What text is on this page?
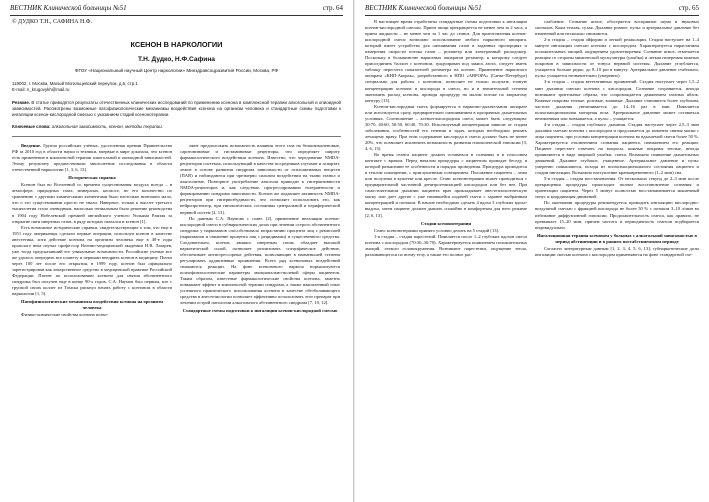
ВЕСТНИК Клинической больницы №51	стр. 64
© ДУДКО Т.Н., САФИНА Н.Ф.
КСЕНОН В НАРКОЛОГИИ
Т.Н. Дудко, Н.Ф.Сафина
ФГОУ «Национальный научный Центр наркологии» Минздравсоцразвития России, Москва, РФ
119002, г. Москва, Малый Могильцевский переулок, д.6, стр.1
E-mail: n_krugovykh@mail.ru
Резюме. В статье приводятся результаты отечественных клинических исследований по применению ксенона в комплексной терапии алкогольной и опиоидной зависимостей. Рассмотрены возможные патофизиологические механизмы воздействия ксенона на организм человека и стандартные схемы подготовки к ингаляции ксенон-кислородной смесью с указанием стадий ксенонотерапии.
Ключевые слова: алкогольная зависимость, ксенон, методы терапии.

Введение. Группа российских учёных, удостоенная премии Правительства РФ за 2010 год в области науки и техники, впервые в мире доказала, что ксенон есть применение в комплексной терапии алкогольной и опиоидной зависимостей. Этому результату предшествовали многолетние исследования в области отечественной наркологии [1, 3, 6, 13].

Историческая справка

Ксенон был во Вселенной со времени существования воздуха всегда – в атмосфере, природных газах, минералах, космосе, но его количество по сравнению с другими химическими элементами было настолько ничтожно мало, что о его существовании просто не знали. Наверное, только к высоте третьего тысячелетия стало очевидным, насколько гениальным было решение руководства в 1904 году Нобелевской премией английского ученого Уильяма Рамзая за открытие пяти инертных газов, в ряду которых оказался и ксенон [1].

Есть возможное исторические справки, свидетельствующие о том, что еще в 1951 году американцы сделали первые операции, используя ксенон в качестве анестетика, хотя действие ксенона на организм человека еще в 40-е годы прошлого века изучал профессор Военно-медицинской академии Н.В. Лазарев, уже тогда предсказавший его уникальные возможности. Российские ученые все же удалось опередить все планету и первыми внедрить ксенон в медицину. Почти через 100 лет после его открытия, в 1999 году, ксенон был официально зарегистрирован как лекарственное средство в медицинской практике Российской Федерации. Патент по использованию ксенона для снятия абстинентного синдрома был получен еще в конце 90-х годов, С.А. Наумов был первым, кто с группой своих коллег из Томска рискнул начать работу с ксеноном в области наркологии [1, 5].

Патофизиологические механизмы воздействия ксенона на организм человека

Физико-химические свойства ксенона позво-

ляют предположить возможность влияния этого газа на белковомаленовые, саротониновые и гистаминовые рецепторы, что определяет широту фармакологического воздействия ксенона. Известно, что чередование NMDA-рецепторов системах, использующий в качестве посредников глутамат и аспартат, лежит в основе развития синдрома зависимости от психоактивных веществ (ПАВ) и наблюдаются при чрезмерно сильном воздействии на ткани этанол и алкоголизме. Повторное употребление алкоголя приводит к гиперактивности NMDA-рецепторов и, как следствие, прогрессированию толерантности и формированию синдрома зависимости. Ксенон же подавляет активность NMDA-рецепторов при гипервозбудимости, что позволяет использовать его, как нейропротектор, при гипоксических состояниях центральной и периферической нервной систем [2, 13].

По данным С.А. Наумова с соавт. [2], применение ингаляции ксенон-кислородной смеси в субнаркотических дозах при лечении острого абстинентного синдрома у наркоманов способствовало возрастанию процента лиц с ремиссией (наркоманов и снижение процента лиц с рецидивами) и существенного средства. Следовательно, ксенон, являясь инертным газом, обладает высокой наркотической силой, позволяет реализовать специфическое действие, обеспечивает антистрессорные действия, позволяющие в наименьшей степени регулировать аддиктивные проявления. Всего ряд ксеноновых воздействий снижаются реакции. На фоне ксенонового наркоза нормализуются психофизиологические параметры эмоционально-волевой сферы пациентов. Таким образом, известные фармакологические свойства ксенона, заметно повышают эффект в комплексной терапии синдрома, а также накопленный опыт успешного практического использования ксенона в качестве обезболивающего средства в анестезиологии позволяет эффективно использовать этот препарат при лечении острой патологии алкогольного абстинентного синдрома [7, 10, 12].

Стандартные схемы подготовки к ингаляции ксенон-кислородной смесью
ВЕСТНИК Клинической больницы №51	стр. 65

В настоящее время отработаны стандартные схемы подготовки к ингаляции ксенон-кислородной смесью. Прием пищи прекращается не менее чем за 2 часа, а прием жидкости – не менее чем за 1 час до сеанса. Для приготовления ксенон-кислородной смеси возможно использование любого наркозного аппарата, который имеет устройство для смешивания газов в заданных пропорциях и измерения скорости потока газов – ротаметр или электронный расходомер. Поскольку в большинстве наркозных аппаратов ротаметр, к которому следует присоединить баллон с ксеноном, градуирован под закись азота, следует иметь таблицу пересчета показателей ротаметра на ксенон. Применение наркозного аппарата «КНП-Акорак», разработанного в НПО «АВРОРА» (Санкт-Петербург) специально для работы с ксеноном, позволяет не только получать точную концентрацию ксенона и кислорода в смеси, но и в значительной степени экономить расход ксенона, проводя процедуру на малом потоке по закрытому контуру [13].

Ксенон-кислородная смесь формируется в наркозно-дыхательном аппарате или используется сразу, предварительно смешиванием в прозрачных дыхательных условиях. Соотношение – ксенон-кислородная смесь может быть следующим: 30:70, 40:60, 50:50, 60:40, 70:30. Используемый концентрации зависит от стадии заболевания, особенностей его течения и задач, которых необходимо решить лечащему врачу. При этом содержание кислорода в смеси должно быть не менее 20%, что позволяет исключить возможность развития гипоксической гипоксии [3, 4, 6, 13].

Во время сеанса пациент должен оставаться в сознании и в голосовом контакте с врачом. Перед началом процедуры с пациентом проводят беседу, в которой разъясняют ее особенности и порядок проведения. Процедура проводится в теплом помещении, с приглушенным освещением. Положение пациента – лежа или полулежа в кушетке или кресле. Сеанс ксенонотерапии может проводиться с предварительной частичной денитрогенизацией кислородом или без нее. При самостоятельном дыхании пациента врач прикладывает анестезиологическую маску или дает другие с уже начавшейся подачей смеси с заранее выбранным концентрацией и потоком. В начале необходимо сделать 4 вдоха 3 глубоких вдоха-выдоха, затем пациент должен дышать спокойно в комфортном для него режиме [2, 6, 13].

Стадии ксенонотерапии

Сеанс ксенонотерапии принято условно делить на 5 стадий [13].

1-я стадия – стадия парестезий. Появляется после 1–2 глубоких вдохов смеси ксенона с кислородом (70:30–30:70). Характеризуется появлением положительных эмоций, легкого головокружения. Возникают парестезии, ощущение тепла, разливающегося по всему телу, а также его полное рас-

слабление. Сознание ясное, обостряется восприятие шума и звуковых сигналов. Кожа теплая, сухая. Дыхание ровное, пульс и артериальное давление без изменений или несколько снижаются.

2-я стадия – стадия эйфории и легкой релаксации. Стадия наступает на 1–4 минуте ингаляции смесью ксенона с кислородом. Характеризуется нарастанием положительных эмоций, ощущением удовлетворения. Сознание ясное, отмечается реакция со стороны мимической мускулатуры (улыбка) и легкая гиперемия кожных покровов в зависимости от тонуса нервной системы. Дыхание углубляется, учащается больше редко, до 8–10 раз в минуту. Артериальное давление стабильно, пульс учащается незначительно (умеренно).

3-я стадия – стадия вегетативных проявлений. Стадия наступает через 1,5–2 мин дыхания смесью ксенона с кислородом. Сознание сохраняется, иногда возникают зрительные образы, что сопровождается движением глазных яблок. Кожные покровы теплые, розовые, влажные. Дыхание становится более глубоким, частота дыхания увеличивается до 14–16 раз в мин. Появляется психоэмоциональная моторная поза. Артериальное давление может оставаться неизменным или повышается, а пульс – учащается.

4-я стадия – стадия глубокого дыхания. Стадия наступает через 2,5–3 мин дыхания смесью ксенона с кислородом и продолжается до момента снятия маски с лица пациента, при условии концентрации ксенона во вдыхаемой смеси более 50 %. Характеризуется отключением сознания пациента, понижением его реакции. Пациент перестает отвечать на вопросы, кожные покровы теплые, иногда проявляются в виде широкой улыбки, смеха. Возможно появление дыхательных движений. Дыхание глубокое, учащенное. Артериальное давление и пульс умеренно повышаются, исходя из психоэмоционального состояния пациента и стадии ингаляции. Возможно наступление кратковременного (1–2 мин) сна.

5-я стадия – стадия восстановления. От нескольких секунд до 2–3 мин после прекращения процедуры происходит полное восстановление сознания и ориентации пациента. Через 5 минут полностью восстанавливается мышечный тонус и координация движений.

По окончании процедуры рекомендуется проводить ингаляцию кислородно-воздушной смесью с фракцией кислорода не более 50 % с потоком 3–10 л/мин во избежание диффузионной гипоксии. Продолжительность сеанса, как правило, не превышает 15–20 мин, причем частота и периодичность сеансов подбирается индивидуально.

Ингаляционная терапия ксеноном у больных с алкогольной зависимостью в период абстиненции и в раннем постабстинентном периоде

Согласно литературным данным [1, 2, 3, 4, 5, 6, 13], субнаркотические дозы ингаляции смесью ксенона с кислородом применяются на фоне стандартной схе-
